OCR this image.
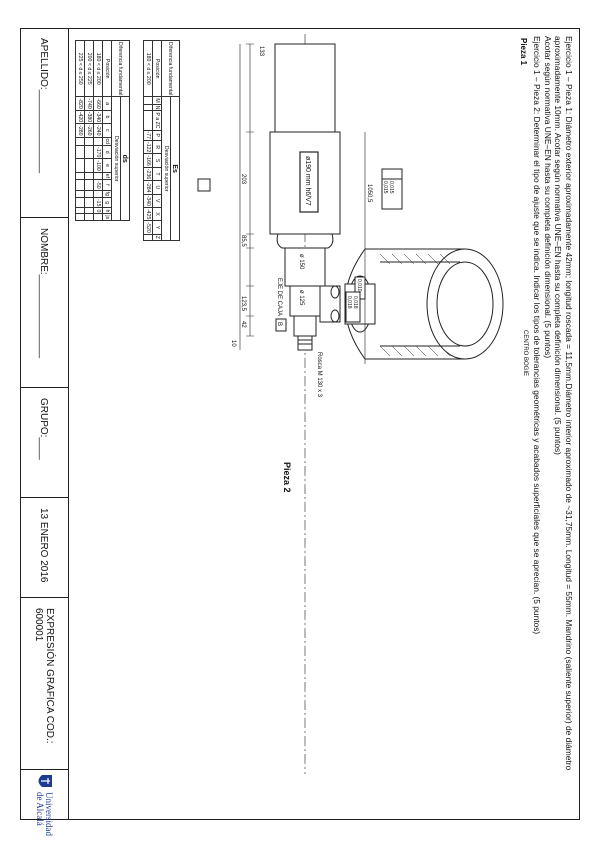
Ejercicio 1 – Pieza 1: Diámetro exterior aproximadamente 42mm; longitud roscada = 11,5mm.Diámetro interior aproximado de ~31,75mm. Longitud = 55mm. Mandrino (saliente superior) de diámetro
aproximadamente 10mm. Acotar según normativa UNE–EN hasta su completa definición dimensional. (5 puntos)
Acotar según normativa UNE–EN hasta su completa definición dimensional. (5 puntos)
Ejercicio 1 – Pieza 2: Determinar el tipo de ajuste que se indica. Indicar los tipos de tolerancias geométricas y acabados superficiales que se aprecian. (5 puntos)
Pieza 1
Pieza 2
CENTRO BOGIE
EJE DE CAJA
ø190 mm h6/V7
ø 150
ø 125
1050,5
203
85,5
123,5
42
10
133
Rosca M 130 x 3
0,015
0,015
0,010
0,018
0,018
B
Diferencia fundamental	Es											
	Desviación superior											
Posición	M	N	P a ZC	P	R	S	T	U	V	X	Y	Z
180 < d ≤ 200				-77	-122	-166	-236	-284	-340	-425	-520	
Diferencia fundamental	ds											
	Desviación superior											
Posición	a	b	c	cd	d	e	ef	f	fg	g	h	js
180 < d ≤ 200	-660	-340	-240		-170	-100		-50		-15	0	
200 < d ≤ 225	-740	-380	-260									
225 < d ≤ 250	-820	-420	-280									
APELLIDO:_______________
NOMBRE:_______________
GRUPO:____
13 ENERO 2016
EXPRESIÓN GRAFICA COD.: 600001
Universidad
de Alcalá
